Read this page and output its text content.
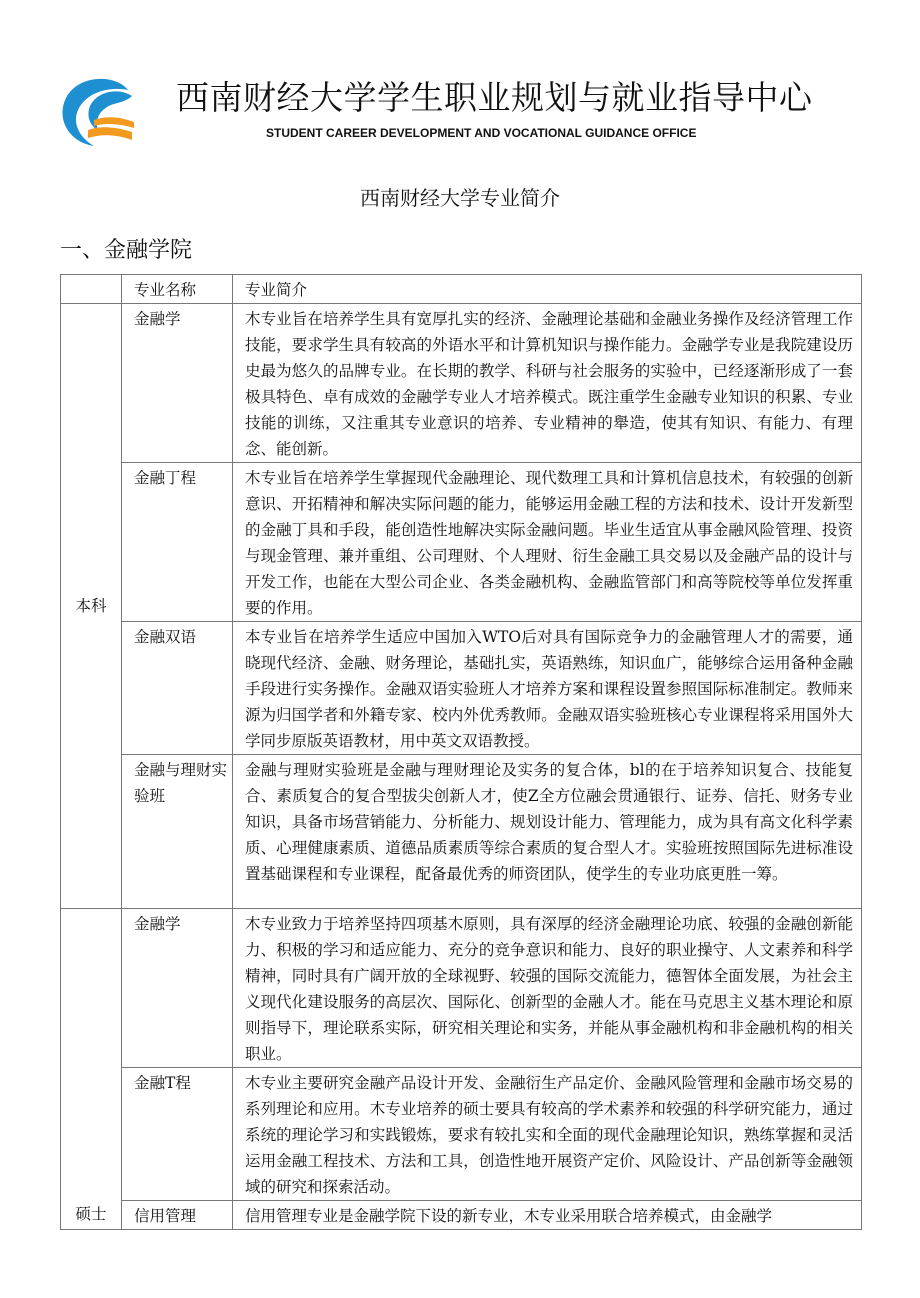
西南财经大学学生职业规划与就业指导中心
STUDENT CAREER DEVELOPMENT AND VOCATIONAL GUIDANCE OFFICE
西南财经大学专业简介
一、金融学院
	专业名称	专业简介
本科	金融学	木专业旨在培养学生具有宽厚扎实的经济、金融理论基础和金融业务操作及经济管理工作技能，要求学生具有较高的外语水平和计算机知识与操作能力。金融学专业是我院建设历史最为悠久的品牌专业。在长期的教学、科研与社会服务的实验中，已经逐渐形成了一套极具特色、卓有成效的金融学专业人才培养模式。既注重学生金融专业知识的积累、专业技能的训练，又注重其专业意识的培养、专业精神的舉造，使其有知识、有能力、有理念、能创新。
	金融丁程	木专业旨在培养学生掌握现代金融理论、现代数理工具和计算机信息技术，有较强的创新意识、开拓精神和解决实际问题的能力，能够运用金融工程的方法和技术、设计开发新型的金融丁具和手段，能创造性地解决实际金融问题。毕业生适宜从事金融风险管理、投资与现金管理、兼并重组、公司理财、个人理财、衍生金融工具交易以及金融产品的设计与开发工作，也能在大型公司企业、各类金融机构、金融监管部门和高等院校等单位发挥重要的作用。
	金融双语	本专业旨在培养学生适应中国加入WTO后对具有国际竞争力的金融管理人才的需要，通晓现代经济、金融、财务理论，基础扎实，英语熟练，知识血广，能够综合运用备种金融手段进行实务操作。金融双语实验班人才培养方案和课程设置参照国际标准制定。教师来源为归国学者和外籍专家、校内外优秀教师。金融双语实验班核心专业课程将采用国外大学同步原版英语教材，用中英文双语教授。
	金融与理财实验班	金融与理财实验班是金融与理财理论及实务的复合体，bl的在于培养知识复合、技能复合、素质复合的复合型拔尖创新人才，使Z全方位融会贯通银行、证券、信托、财务专业知识，具备市场营销能力、分析能力、规划设计能力、管理能力，成为具有高文化科学素质、心理健康素质、道德品质素质等综合素质的复合型人才。实验班按照国际先进标准设置基础课程和专业课程，配备最优秀的师资团队，使学生的专业功底更胜一筹。
硕士	金融学	木专业致力于培养坚持四项基木原则，具有深厚的经济金融理论功底、较强的金融创新能力、积极的学习和适应能力、充分的竞争意识和能力、良好的职业操守、人文素养和科学精神，同时具有广阔开放的全球视野、较强的国际交流能力，德智体全面发展，为社会主义现代化建设服务的高层次、国际化、创新型的金融人才。能在马克思主义基木理论和原则指导下，理论联系实际，研究相关理论和实务，并能从事金融机构和非金融机构的相关职业。
	金融T程	木专业主要研究金融产品设计开发、金融衍生产品定价、金融风险管理和金融市场交易的系列理论和应用。木专业培养的硕士要具有较高的学术素养和较强的科学研究能力，通过系统的理论学习和实践锻炼，要求有较扎实和全面的现代金融理论知识，熟练掌握和灵活运用金融工程技术、方法和工具，创造性地开展资产定价、风险设计、产品创新等金融领域的研究和探索活动。
	信用管理	信用管理专业是金融学院下设的新专业，木专业采用联合培养模式，由金融学
